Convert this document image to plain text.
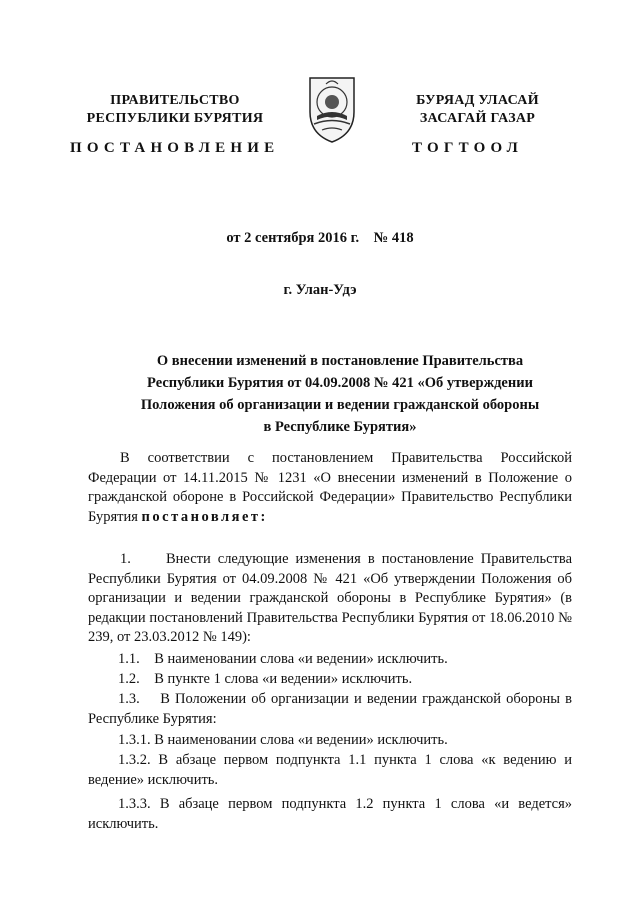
ПРАВИТЕЛЬСТВО
РЕСПУБЛИКИ БУРЯТИЯ
ПОСТАНОВЛЕНИЕ
БУРЯАД УЛАСАЙ
ЗАСАГАЙ ГАЗАР
ТОГТООЛ
от 2 сентября 2016 г.    № 418
г. Улан-Удэ
О внесении изменений в постановление Правительства
Республики Бурятия от 04.09.2008 № 421 «Об утверждении
Положения об организации и ведении гражданской обороны
в Республике Бурятия»
В соответствии с постановлением Правительства Российской Федерации от 14.11.2015 № 1231 «О внесении изменений в Положение о гражданской обороне в Российской Федерации» Правительство Республики Бурятия постановляет:
1. Внести следующие изменения в постановление Правительства Республики Бурятия от 04.09.2008 № 421 «Об утверждении Положения об организации и ведении гражданской обороны в Республике Бурятия» (в редакции постановлений Правительства Республики Бурятия от 18.06.2010 № 239, от 23.03.2012 № 149):
1.1. В наименовании слова «и ведении» исключить.
1.2. В пункте 1 слова «и ведении» исключить.
1.3. В Положении об организации и ведении гражданской обороны в Республике Бурятия:
1.3.1. В наименовании слова «и ведении» исключить.
1.3.2. В абзаце первом подпункта 1.1 пункта 1 слова «к ведению и ведение» исключить.
1.3.3. В абзаце первом подпункта 1.2 пункта 1 слова «и ведется» исключить.
